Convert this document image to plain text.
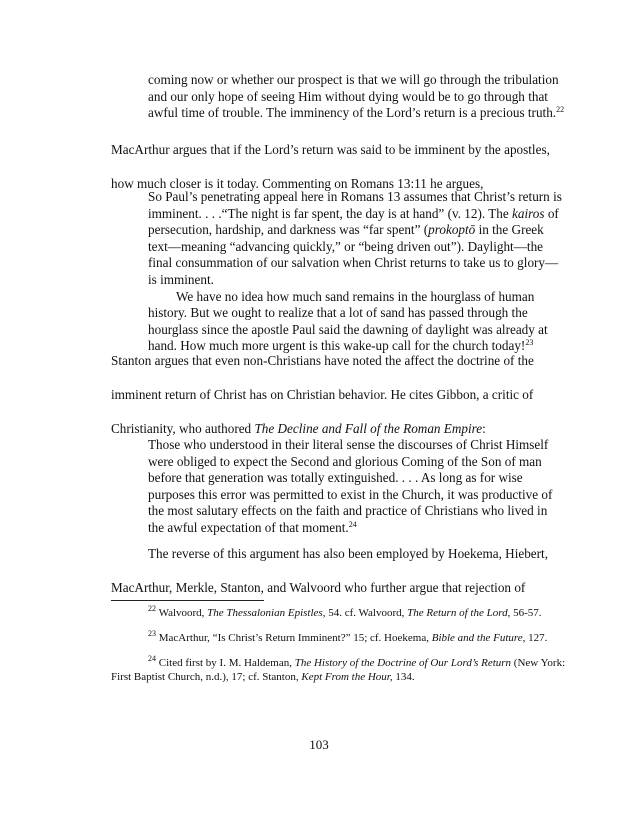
coming now or whether our prospect is that we will go through the tribulation and our only hope of seeing Him without dying would be to go through that awful time of trouble. The imminency of the Lord’s return is a precious truth.$^{22}$
MacArthur argues that if the Lord’s return was said to be imminent by the apostles, how much closer is it today. Commenting on Romans 13:11 he argues,
So Paul’s penetrating appeal here in Romans 13 assumes that Christ’s return is imminent. . . .“The night is far spent, the day is at hand” (v. 12). The kairos of persecution, hardship, and darkness was “far spent” (prokoptō in the Greek text—meaning “advancing quickly,” or “being driven out”). Daylight—the final consummation of our salvation when Christ returns to take us to glory—is imminent.
We have no idea how much sand remains in the hourglass of human history. But we ought to realize that a lot of sand has passed through the hourglass since the apostle Paul said the dawning of daylight was already at hand. How much more urgent is this wake-up call for the church today!$^{23}$
Stanton argues that even non-Christians have noted the affect the doctrine of the imminent return of Christ has on Christian behavior. He cites Gibbon, a critic of Christianity, who authored The Decline and Fall of the Roman Empire:
Those who understood in their literal sense the discourses of Christ Himself were obliged to expect the Second and glorious Coming of the Son of man before that generation was totally extinguished. . . . As long as for wise purposes this error was permitted to exist in the Church, it was productive of the most salutary effects on the faith and practice of Christians who lived in the awful expectation of that moment.$^{24}$
The reverse of this argument has also been employed by Hoekema, Hiebert, MacArthur, Merkle, Stanton, and Walvoord who further argue that rejection of

$^{22}$ Walvoord, The Thessalonian Epistles, 54. cf. Walvoord, The Return of the Lord, 56-57.

$^{23}$ MacArthur, “Is Christ’s Return Imminent?” 15; cf. Hoekema, Bible and the Future, 127.

$^{24}$ Cited first by I. M. Haldeman, The History of the Doctrine of Our Lord’s Return (New York: First Baptist Church, n.d.), 17; cf. Stanton, Kept From the Hour, 134.

103
